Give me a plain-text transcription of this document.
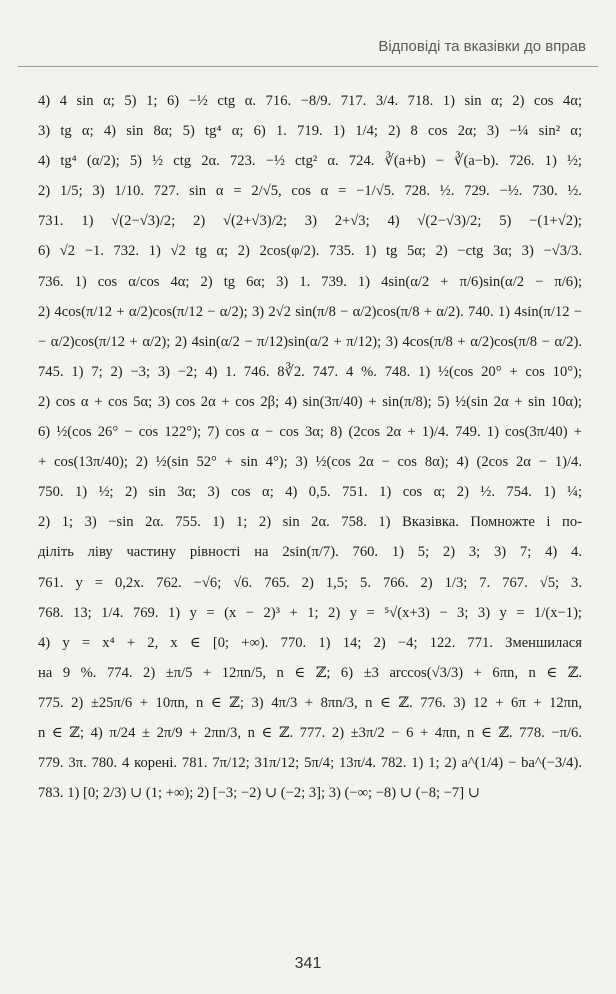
Відповіді та вказівки до вправ
4) 4 sin α; 5) 1; 6) −½ ctg α. 716. −8/9. 717. 3/4. 718. 1) sin α; 2) cos 4α;
3) tg α; 4) sin 8α; 5) tg⁴ α; 6) 1. 719. 1) 1/4; 2) 8 cos 2α; 3) −¼ sin² α;
4) tg⁴ (α/2); 5) ½ ctg 2α. 723. −½ ctg² α. 724. ∛(a+b) − ∛(a−b). 726. 1) ½;
2) 1/5; 3) 1/10. 727. sin α = 2/√5, cos α = −1/√5. 728. ½. 729. −½. 730. ½.
731. 1) √(2−√3)/2; 2) √(2+√3)/2; 3) 2+√3; 4) √(2−√3)/2; 5) −(1+√2);
6) √2 −1. 732. 1) √2 tg α; 2) 2cos(φ/2). 735. 1) tg 5α; 2) −ctg 3α; 3) −√3/3.
736. 1) cos α/cos 4α; 2) tg 6α; 3) 1. 739. 1) 4sin(α/2 + π/6)sin(α/2 − π/6);
2) 4cos(π/12 + α/2)cos(π/12 − α/2); 3) 2√2 sin(π/8 − α/2)cos(π/8 + α/2). 740. 1) 4sin(π/12 −
− α/2)cos(π/12 + α/2); 2) 4sin(α/2 − π/12)sin(α/2 + π/12); 3) 4cos(π/8 + α/2)cos(π/8 − α/2).
745. 1) 7; 2) −3; 3) −2; 4) 1. 746. 8∛2. 747. 4 %. 748. 1) ½(cos 20° + cos 10°);
2) cos α + cos 5α; 3) cos 2α + cos 2β; 4) sin(3π/40) + sin(π/8); 5) ½(sin 2α + sin 10α);
6) ½(cos 26° − cos 122°); 7) cos α − cos 3α; 8) (2cos 2α + 1)/4. 749. 1) cos(3π/40) +
+ cos(13π/40); 2) ½(sin 52° + sin 4°); 3) ½(cos 2α − cos 8α); 4) (2cos 2α − 1)/4.
750. 1) ½; 2) sin 3α; 3) cos α; 4) 0,5. 751. 1) cos α; 2) ½. 754. 1) ¼;
2) 1; 3) −sin 2α. 755. 1) 1; 2) sin 2α. 758. 1) Вказівка. Помножте і по-
діліть ліву частину рівності на 2sin(π/7). 760. 1) 5; 2) 3; 3) 7; 4) 4.
761. y = 0,2x. 762. −√6; √6. 765. 2) 1,5; 5. 766. 2) 1/3; 7. 767. √5; 3.
768. 13; 1/4. 769. 1) y = (x − 2)³ + 1; 2) y = ⁵√(x+3) − 3; 3) y = 1/(x−1);
4) y = x⁴ + 2, x ∈ [0; +∞). 770. 1) 14; 2) −4; 122. 771. Зменшилася
на 9 %. 774. 2) ±π/5 + 12πn/5, n ∈ ℤ; 6) ±3 arccos(√3/3) + 6πn, n ∈ ℤ.
775. 2) ±25π/6 + 10πn, n ∈ ℤ; 3) 4π/3 + 8πn/3, n ∈ ℤ. 776. 3) 12 + 6π + 12πn,
n ∈ ℤ; 4) π/24 ± 2π/9 + 2πn/3, n ∈ ℤ. 777. 2) ±3π/2 − 6 + 4πn, n ∈ ℤ. 778. −π/6.
779. 3π. 780. 4 корені. 781. 7π/12; 31π/12; 5π/4; 13π/4. 782. 1) 1; 2) a^(1/4) − ba^(−3/4).
783. 1) [0; 2/3) ∪ (1; +∞); 2) [−3; −2) ∪ (−2; 3]; 3) (−∞; −8) ∪ (−8; −7] ∪
341
